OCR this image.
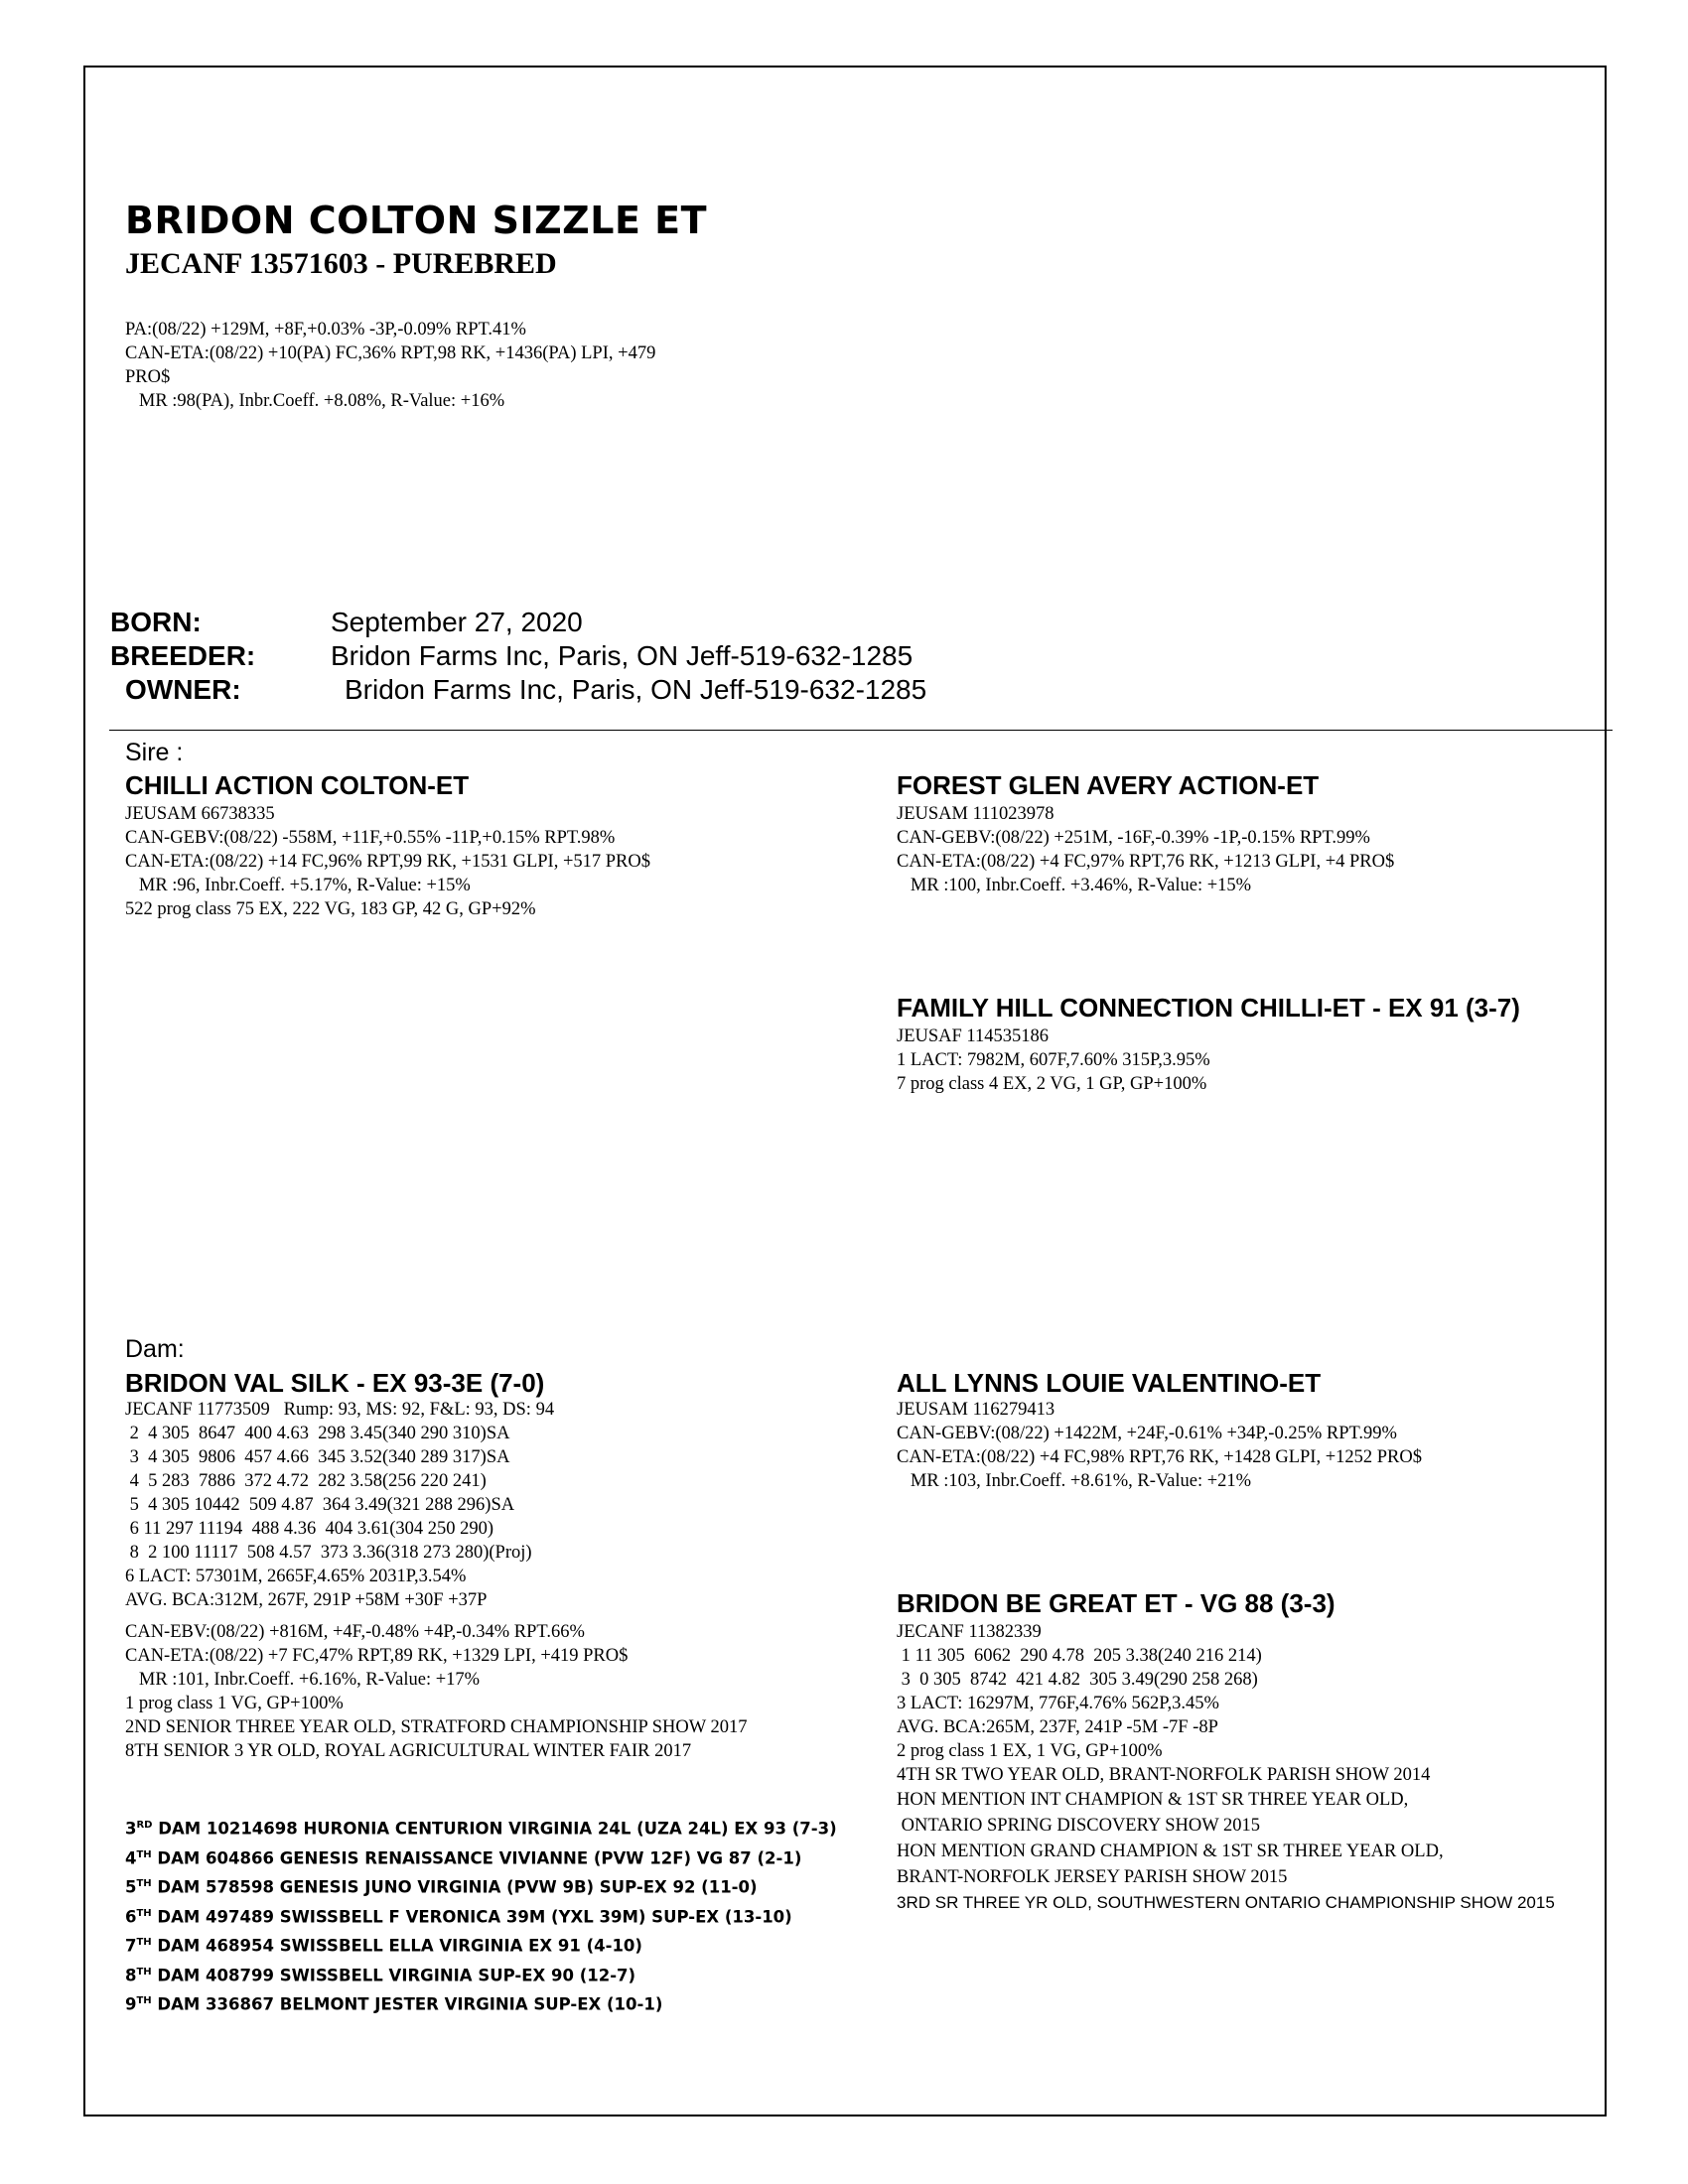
BRIDON COLTON SIZZLE ET
JECANF 13571603 - PUREBRED
PA:(08/22) +129M, +8F,+0.03% -3P,-0.09% RPT.41%
CAN-ETA:(08/22) +10(PA) FC,36% RPT,98 RK, +1436(PA) LPI, +479
PRO$
MR :98(PA), Inbr.Coeff. +8.08%, R-Value: +16%
BORN:	September 27, 2020
BREEDER:	Bridon Farms Inc, Paris, ON Jeff-519-632-1285
OWNER:	Bridon Farms Inc, Paris, ON Jeff-519-632-1285
Sire :
CHILLI ACTION COLTON-ET
JEUSAM 66738335
CAN-GEBV:(08/22) -558M, +11F,+0.55% -11P,+0.15% RPT.98%
CAN-ETA:(08/22) +14 FC,96% RPT,99 RK, +1531 GLPI, +517 PRO$
MR :96, Inbr.Coeff. +5.17%, R-Value: +15%
522 prog class 75 EX, 222 VG, 183 GP, 42 G, GP+92%
FOREST GLEN AVERY ACTION-ET
JEUSAM 111023978
CAN-GEBV:(08/22) +251M, -16F,-0.39% -1P,-0.15% RPT.99%
CAN-ETA:(08/22) +4 FC,97% RPT,76 RK, +1213 GLPI, +4 PRO$
MR :100, Inbr.Coeff. +3.46%, R-Value: +15%
FAMILY HILL CONNECTION CHILLI-ET - EX 91 (3-7)
JEUSAF 114535186
1 LACT: 7982M, 607F,7.60% 315P,3.95%
7 prog class 4 EX, 2 VG, 1 GP, GP+100%
Dam:
BRIDON VAL SILK - EX 93-3E (7-0)
JECANF 11773509   Rump: 93, MS: 92, F&L: 93, DS: 94
2  4 305  8647  400 4.63  298 3.45(340 290 310)SA
3  4 305  9806  457 4.66  345 3.52(340 289 317)SA
4  5 283  7886  372 4.72  282 3.58(256 220 241)
5  4 305 10442  509 4.87  364 3.49(321 288 296)SA
6 11 297 11194  488 4.36  404 3.61(304 250 290)
8  2 100 11117  508 4.57  373 3.36(318 273 280)(Proj)
6 LACT: 57301M, 2665F,4.65% 2031P,3.54%
AVG. BCA:312M, 267F, 291P +58M +30F +37P
CAN-EBV:(08/22) +816M, +4F,-0.48% +4P,-0.34% RPT.66%
CAN-ETA:(08/22) +7 FC,47% RPT,89 RK, +1329 LPI, +419 PRO$
MR :101, Inbr.Coeff. +6.16%, R-Value: +17%
1 prog class 1 VG, GP+100%
2ND SENIOR THREE YEAR OLD, STRATFORD CHAMPIONSHIP SHOW 2017
8TH SENIOR 3 YR OLD, ROYAL AGRICULTURAL WINTER FAIR 2017
ALL LYNNS LOUIE VALENTINO-ET
JEUSAM 116279413
CAN-GEBV:(08/22) +1422M, +24F,-0.61% +34P,-0.25% RPT.99%
CAN-ETA:(08/22) +4 FC,98% RPT,76 RK, +1428 GLPI, +1252 PRO$
MR :103, Inbr.Coeff. +8.61%, R-Value: +21%
BRIDON BE GREAT ET - VG 88 (3-3)
JECANF 11382339
1 11 305  6062  290 4.78  205 3.38(240 216 214)
3  0 305  8742  421 4.82  305 3.49(290 258 268)
3 LACT: 16297M, 776F,4.76% 562P,3.45%
AVG. BCA:265M, 237F, 241P -5M -7F -8P
2 prog class 1 EX, 1 VG, GP+100%
4TH SR TWO YEAR OLD, BRANT-NORFOLK PARISH SHOW 2014
HON MENTION INT CHAMPION & 1ST SR THREE YEAR OLD,
ONTARIO SPRING DISCOVERY SHOW 2015
HON MENTION GRAND CHAMPION & 1ST SR THREE YEAR OLD,
BRANT-NORFOLK JERSEY PARISH SHOW 2015
3RD SR THREE YR OLD, SOUTHWESTERN ONTARIO CHAMPIONSHIP SHOW 2015
3RD DAM 10214698 HURONIA CENTURION VIRGINIA 24L (UZA 24L) EX 93 (7-3)
4TH DAM 604866 GENESIS RENAISSANCE VIVIANNE (PVW 12F) VG 87 (2-1)
5TH DAM 578598 GENESIS JUNO VIRGINIA (PVW 9B) SUP-EX 92 (11-0)
6TH DAM 497489 SWISSBELL F VERONICA 39M (YXL 39M) SUP-EX (13-10)
7TH DAM 468954 SWISSBELL ELLA VIRGINIA EX 91 (4-10)
8TH DAM 408799 SWISSBELL VIRGINIA SUP-EX 90 (12-7)
9TH DAM 336867 BELMONT JESTER VIRGINIA SUP-EX (10-1)
